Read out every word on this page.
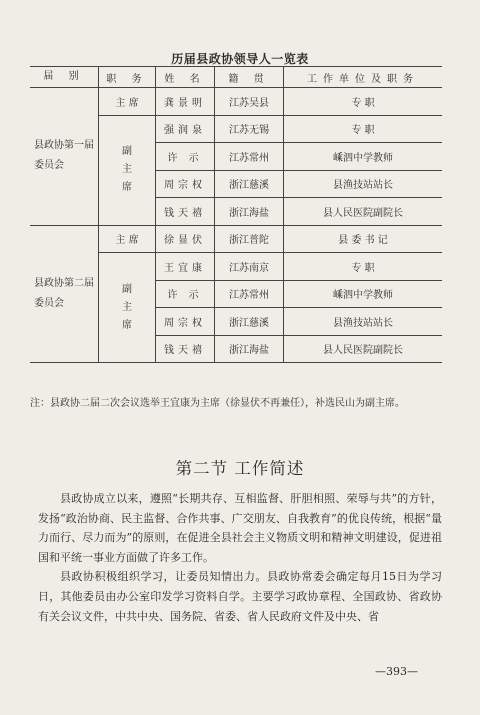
历届县政协领导人一览表
届 别	职 务	姓 名	籍 贯	工作单位及职务
县政协第一届委员会	主 席	龚景明	江苏吴县	专 职
	副主席	强润泉	江苏无锡	专 职
		许 示	江苏常州	嵊泗中学教师
		周宗权	浙江慈溪	县渔技站站长
		钱天禧	浙江海盐	县人民医院副院长
县政协第二届委员会	主 席	徐显伏	浙江普陀	县 委 书 记
	副主席	王宜康	江苏南京	专 职
		许 示	江苏常州	嵊泗中学教师
		周宗权	浙江慈溪	县渔技站站长
		钱天禧	浙江海盐	县人民医院副院长
注：县政协二届二次会议选举王宜康为主席（徐显伏不再兼任），补选民山为副主席。
第二节 工作简述

县政协成立以来，遵照“长期共存、互相监督、肝胆相照、荣辱与共”的方针，发扬“政治协商、民主监督、合作共事、广交朋友、自我教育”的优良传统，根据“量力而行、尽力而为”的原则，在促进全县社会主义物质文明和精神文明建设，促进祖国和平统一事业方面做了许多工作。

县政协积极组织学习，让委员知情出力。县政协常委会确定每月15日为学习日，其他委员由办公室印发学习资料自学。主要学习政协章程、全国政协、省政协有关会议文件，中共中央、国务院、省委、省人民政府文件及中央、省

—393—
